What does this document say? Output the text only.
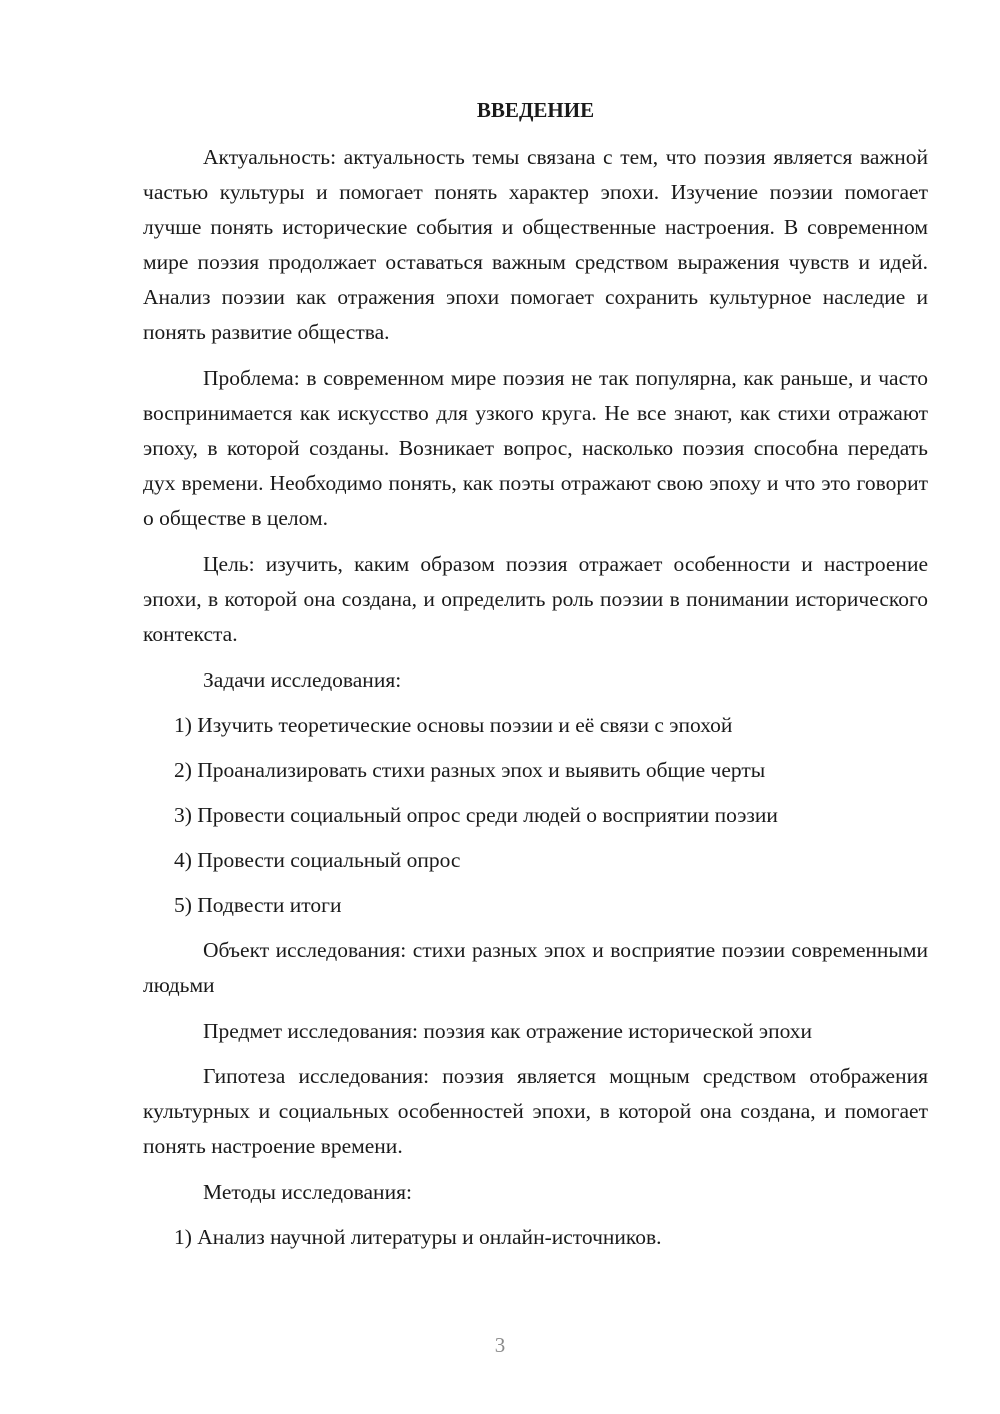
ВВЕДЕНИЕ

Актуальность: актуальность темы связана с тем, что поэзия является важной частью культуры и помогает понять характер эпохи. Изучение поэзии помогает лучше понять исторические события и общественные настроения. В современном мире поэзия продолжает оставаться важным средством выражения чувств и идей. Анализ поэзии как отражения эпохи помогает сохранить культурное наследие и понять развитие общества.

Проблема: в современном мире поэзия не так популярна, как раньше, и часто воспринимается как искусство для узкого круга. Не все знают, как стихи отражают эпоху, в которой созданы. Возникает вопрос, насколько поэзия способна передать дух времени. Необходимо понять, как поэты отражают свою эпоху и что это говорит о обществе в целом.

Цель: изучить, каким образом поэзия отражает особенности и настроение эпохи, в которой она создана, и определить роль поэзии в понимании исторического контекста.

Задачи исследования:
1) Изучить теоретические основы поэзии и её связи с эпохой
2) Проанализировать стихи разных эпох и выявить общие черты
3) Провести социальный опрос среди людей о восприятии поэзии
4) Провести социальный опрос
5) Подвести итоги

Объект исследования: стихи разных эпох и восприятие поэзии современными людьми

Предмет исследования: поэзия как отражение исторической эпохи

Гипотеза исследования: поэзия является мощным средством отображения культурных и социальных особенностей эпохи, в которой она создана, и помогает понять настроение времени.

Методы исследования:
1) Анализ научной литературы и онлайн-источников.
3
